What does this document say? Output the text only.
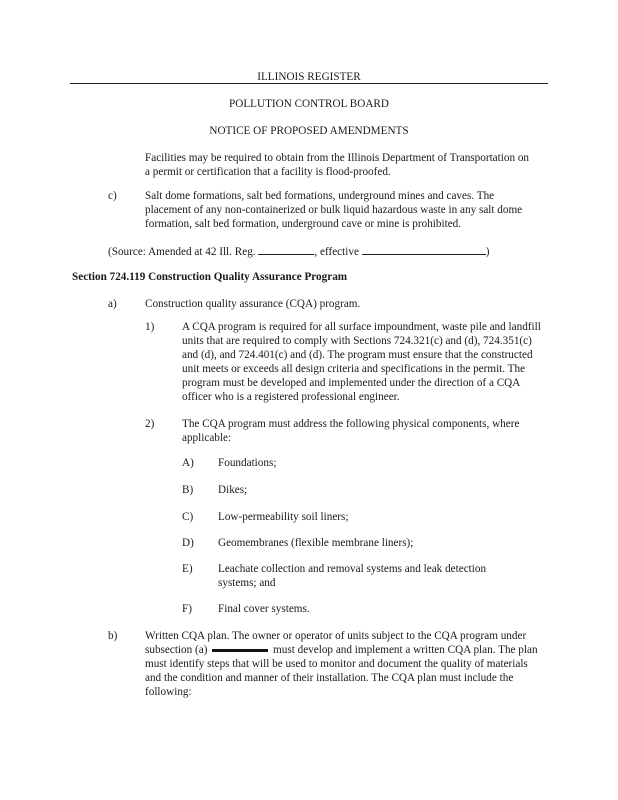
ILLINOIS REGISTER
POLLUTION CONTROL BOARD
NOTICE OF PROPOSED AMENDMENTS
Facilities may be required to obtain from the Illinois Department of Transportation on a permit or certification that a facility is flood-proofed.
c)	Salt dome formations, salt bed formations, underground mines and caves. The placement of any non-containerized or bulk liquid hazardous waste in any salt dome formation, salt bed formation, underground cave or mine is prohibited.
(Source: Amended at 42 Ill. Reg.	, effective	)
Section 724.119 Construction Quality Assurance Program
a)	Construction quality assurance (CQA) program.
1) A CQA program is required for all surface impoundment, waste pile and landfill units that are required to comply with Sections 724.321(c) and (d), 724.351(c) and (d), and 724.401(c) and (d). The program must ensure that the constructed unit meets or exceeds all design criteria and specifications in the permit. The program must be developed and implemented under the direction of a CQA officer who is a registered professional engineer.
2) The CQA program must address the following physical components, where applicable:
A) Foundations;
B) Dikes;
C) Low-permeability soil liners;
D) Geomembranes (flexible membrane liners);
E) Leachate collection and removal systems and leak detection systems; and
F) Final cover systems.
b) Written CQA plan. The owner or operator of units subject to the CQA program under subsection (a)	must develop and implement a written CQA plan. The plan must identify steps that will be used to monitor and document the quality of materials and the condition and manner of their installation. The CQA plan must include the following:
